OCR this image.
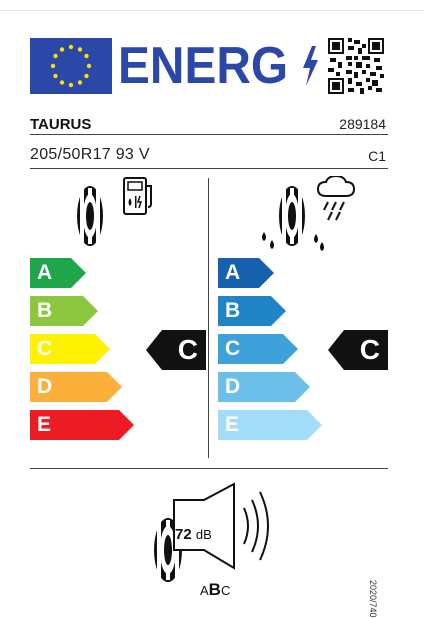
ENERG
TAURUS	289184
205/50R17 93 V	C1
A
B
C
D
E
C
A
B
C
D
E
C
72 dB
ABC	2020/740
